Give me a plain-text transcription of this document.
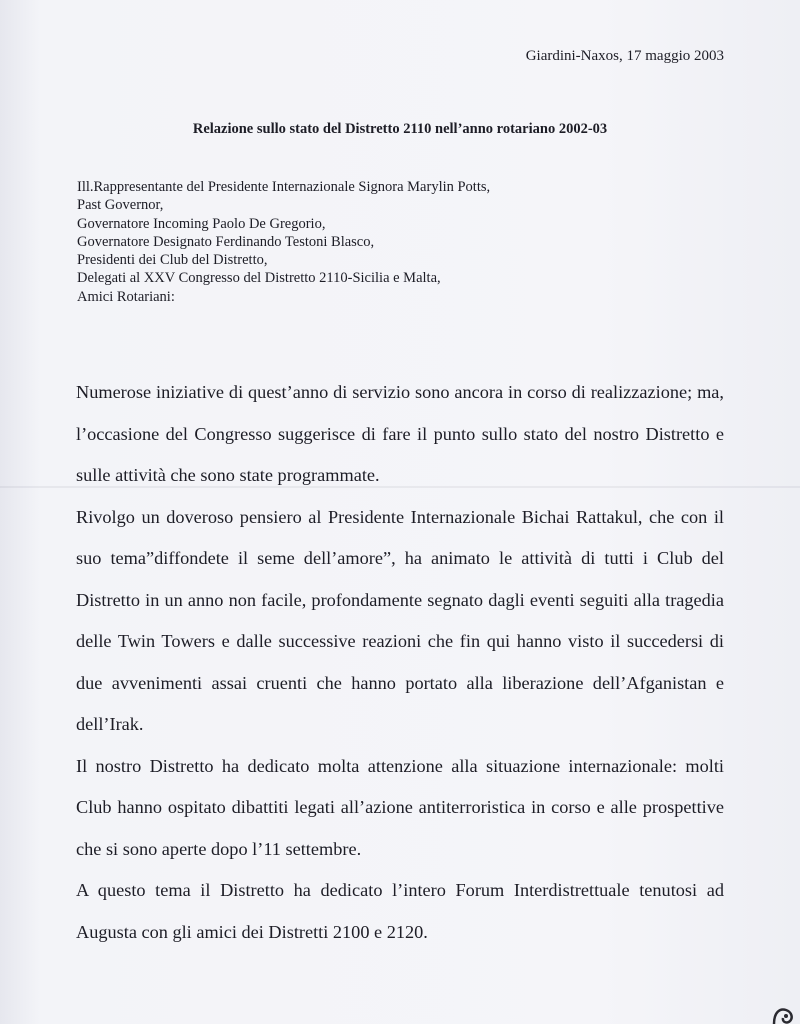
Giardini-Naxos, 17 maggio 2003
Relazione sullo stato del Distretto 2110 nell’anno rotariano 2002-03
Ill.Rappresentante del Presidente Internazionale Signora Marylin Potts,
Past Governor,
Governatore Incoming Paolo De Gregorio,
Governatore Designato Ferdinando Testoni Blasco,
Presidenti dei Club del Distretto,
Delegati al XXV Congresso del Distretto 2110-Sicilia e Malta,
Amici Rotariani:

Numerose iniziative di quest’anno di servizio sono ancora in corso di realizzazione; ma, l’occasione del Congresso suggerisce di fare il punto sullo stato del nostro Distretto e sulle attività che sono state programmate.

Rivolgo un doveroso pensiero al Presidente Internazionale Bichai Rattakul, che con il suo tema”diffondete il seme dell’amore”, ha animato le attività di tutti i Club del Distretto in un anno non facile, profondamente segnato dagli eventi seguiti alla tragedia delle Twin Towers e dalle successive reazioni che fin qui hanno visto il succedersi di due avvenimenti assai cruenti che hanno portato alla liberazione dell’Afganistan e dell’Irak.

Il nostro Distretto ha dedicato molta attenzione alla situazione internazionale: molti Club hanno ospitato dibattiti legati all’azione antiterroristica in corso e alle prospettive che si sono aperte dopo l’11 settembre.

A questo tema il Distretto ha dedicato l’intero Forum Interdistrettuale tenutosi ad Augusta con gli amici dei Distretti 2100 e 2120.
